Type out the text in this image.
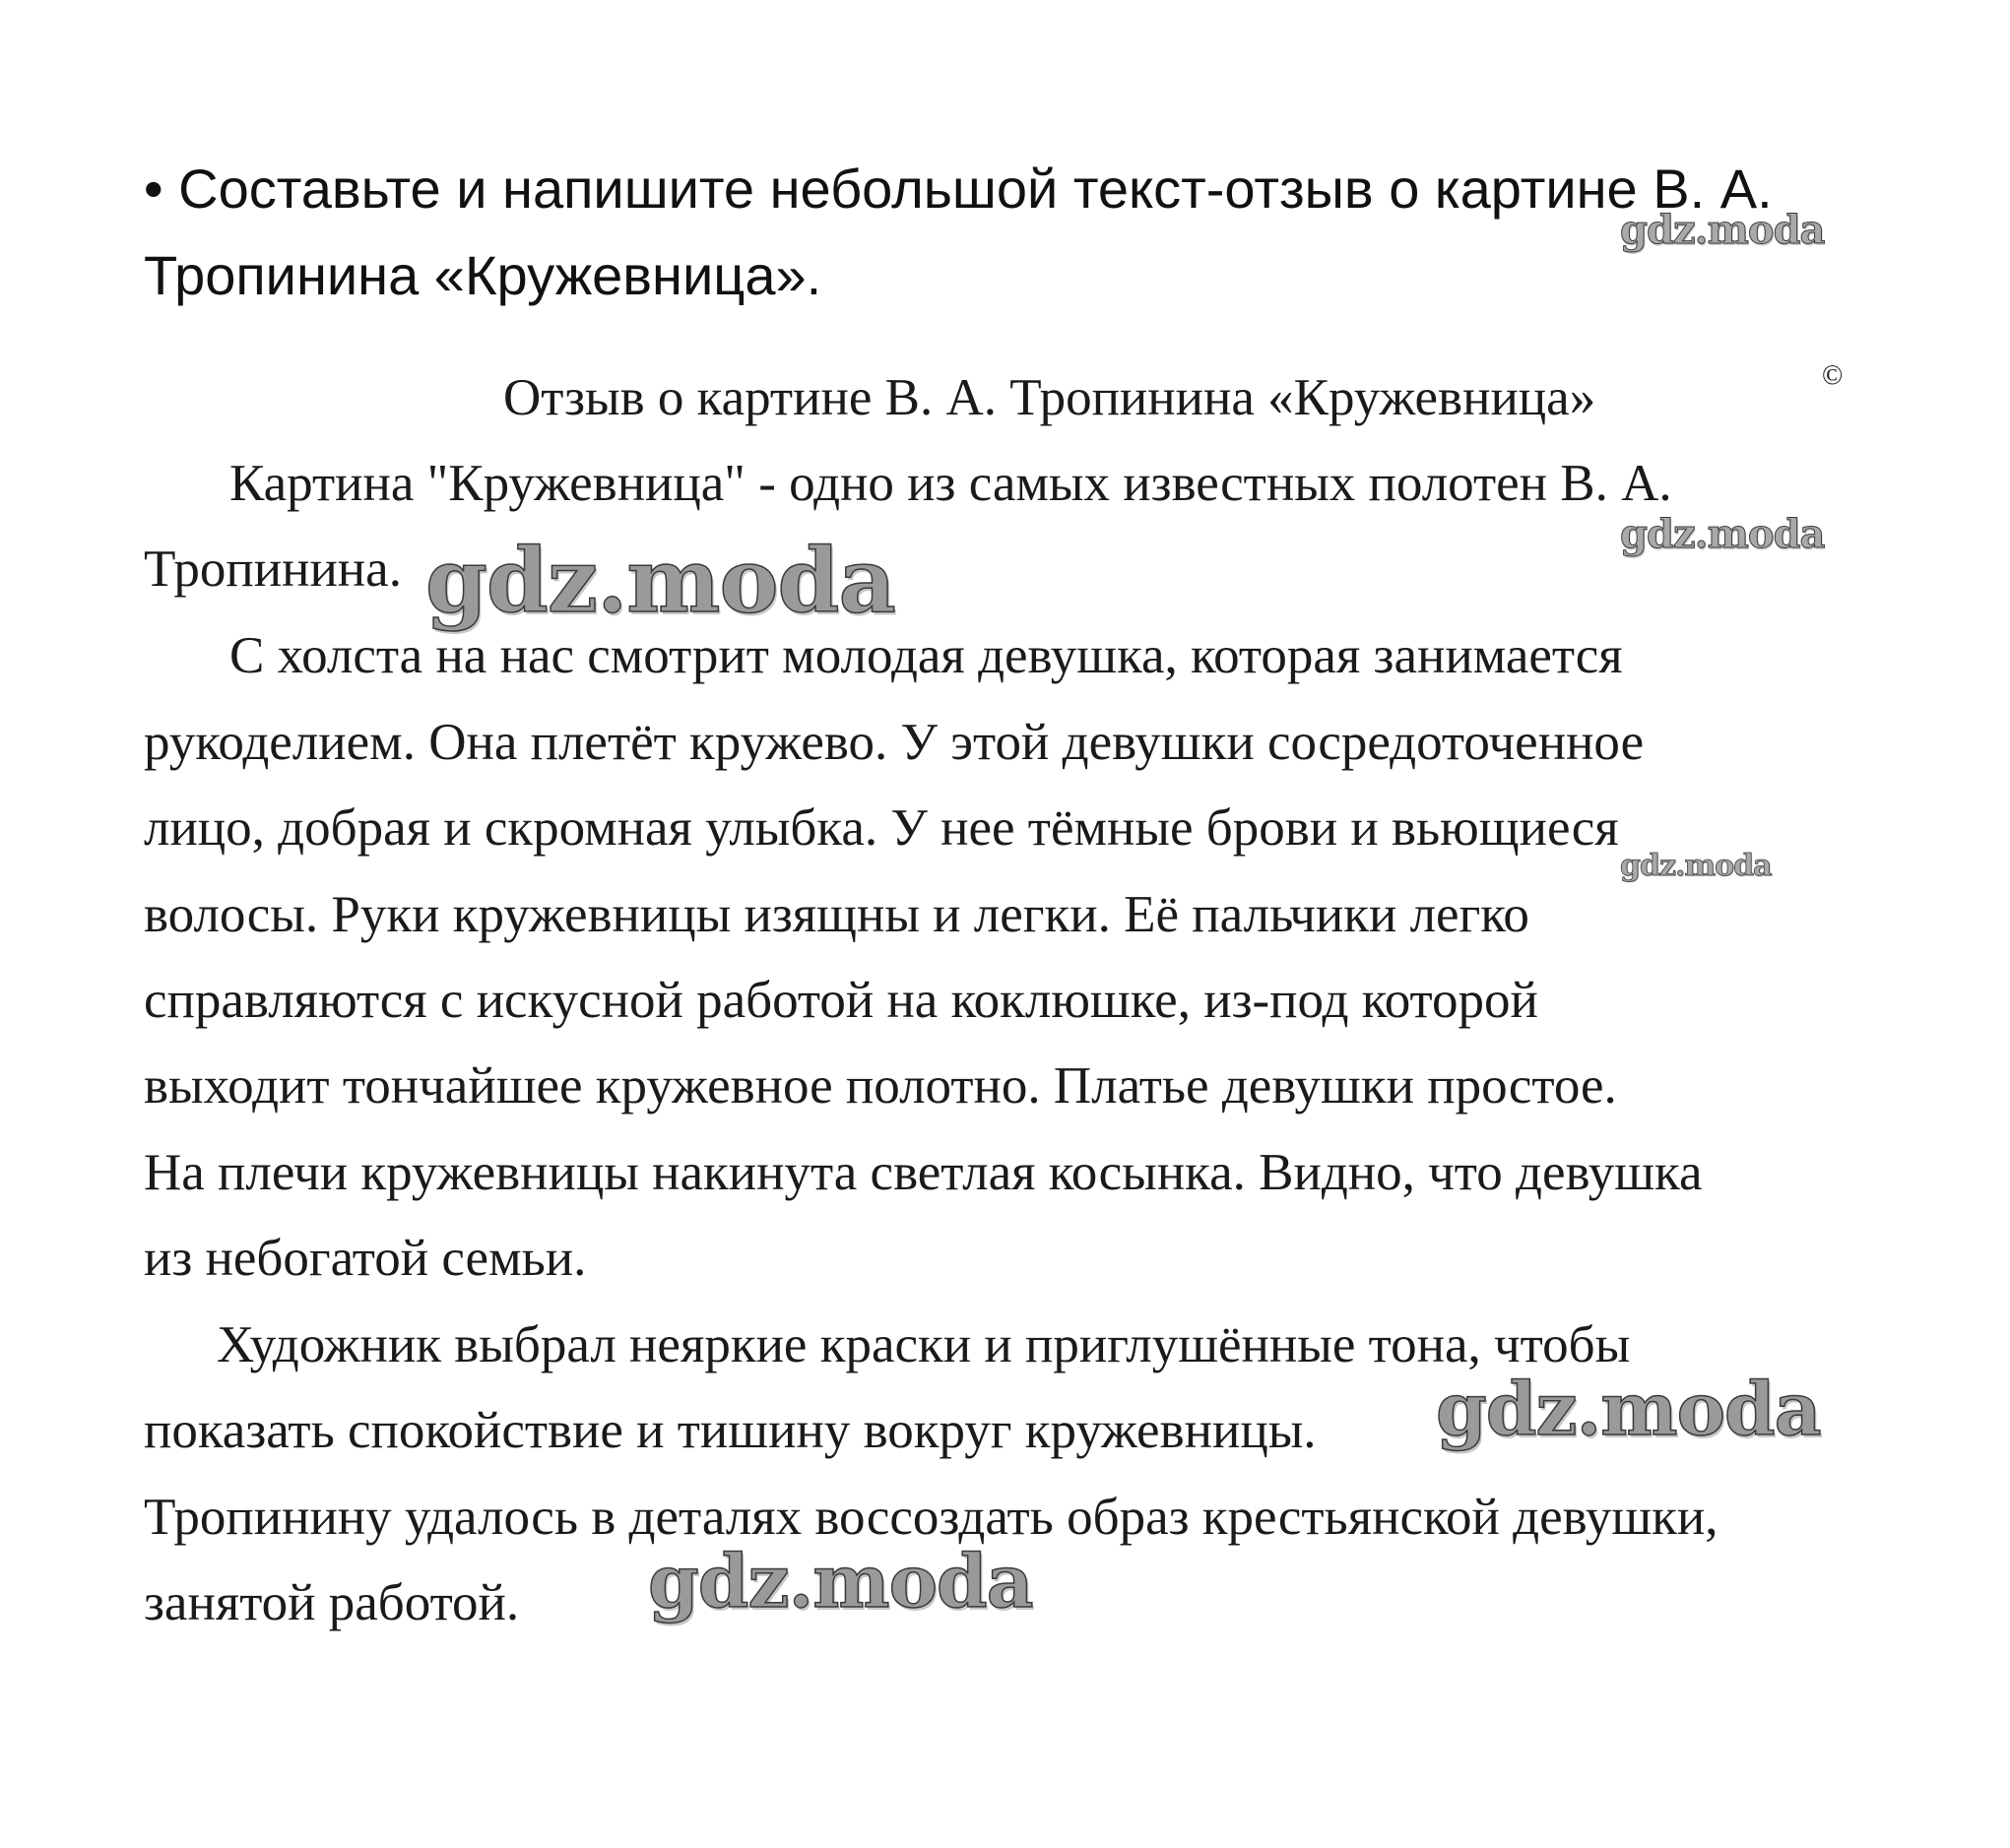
• Составьте и напишите небольшой текст-отзыв о картине В. А.
Тропинина «Кружевница».
Отзыв о картине В. А. Тропинина «Кружевница»	©
Картина "Кружевница" - одно из самых известных полотен В. А.
Тропинина.
С холста на нас смотрит молодая девушка, которая занимается
рукоделием. Она плетёт кружево. У этой девушки сосредоточенное
лицо, добрая и скромная улыбка. У нее тёмные брови и вьющиеся
волосы. Руки кружевницы изящны и легки. Её пальчики легко
справляются с искусной работой на коклюшке, из-под которой
выходит тончайшее кружевное полотно. Платье девушки простое.
На плечи кружевницы накинута светлая косынка. Видно, что девушка
из небогатой семьи.
Художник выбрал неяркие краски и приглушённые тона, чтобы
показать спокойствие и тишину вокруг кружевницы.
Тропинину удалось в деталях воссоздать образ крестьянской девушки,
занятой работой.
gdz.moda
gdz.moda
gdz.moda
gdz.moda
gdz.moda
gdz.moda
